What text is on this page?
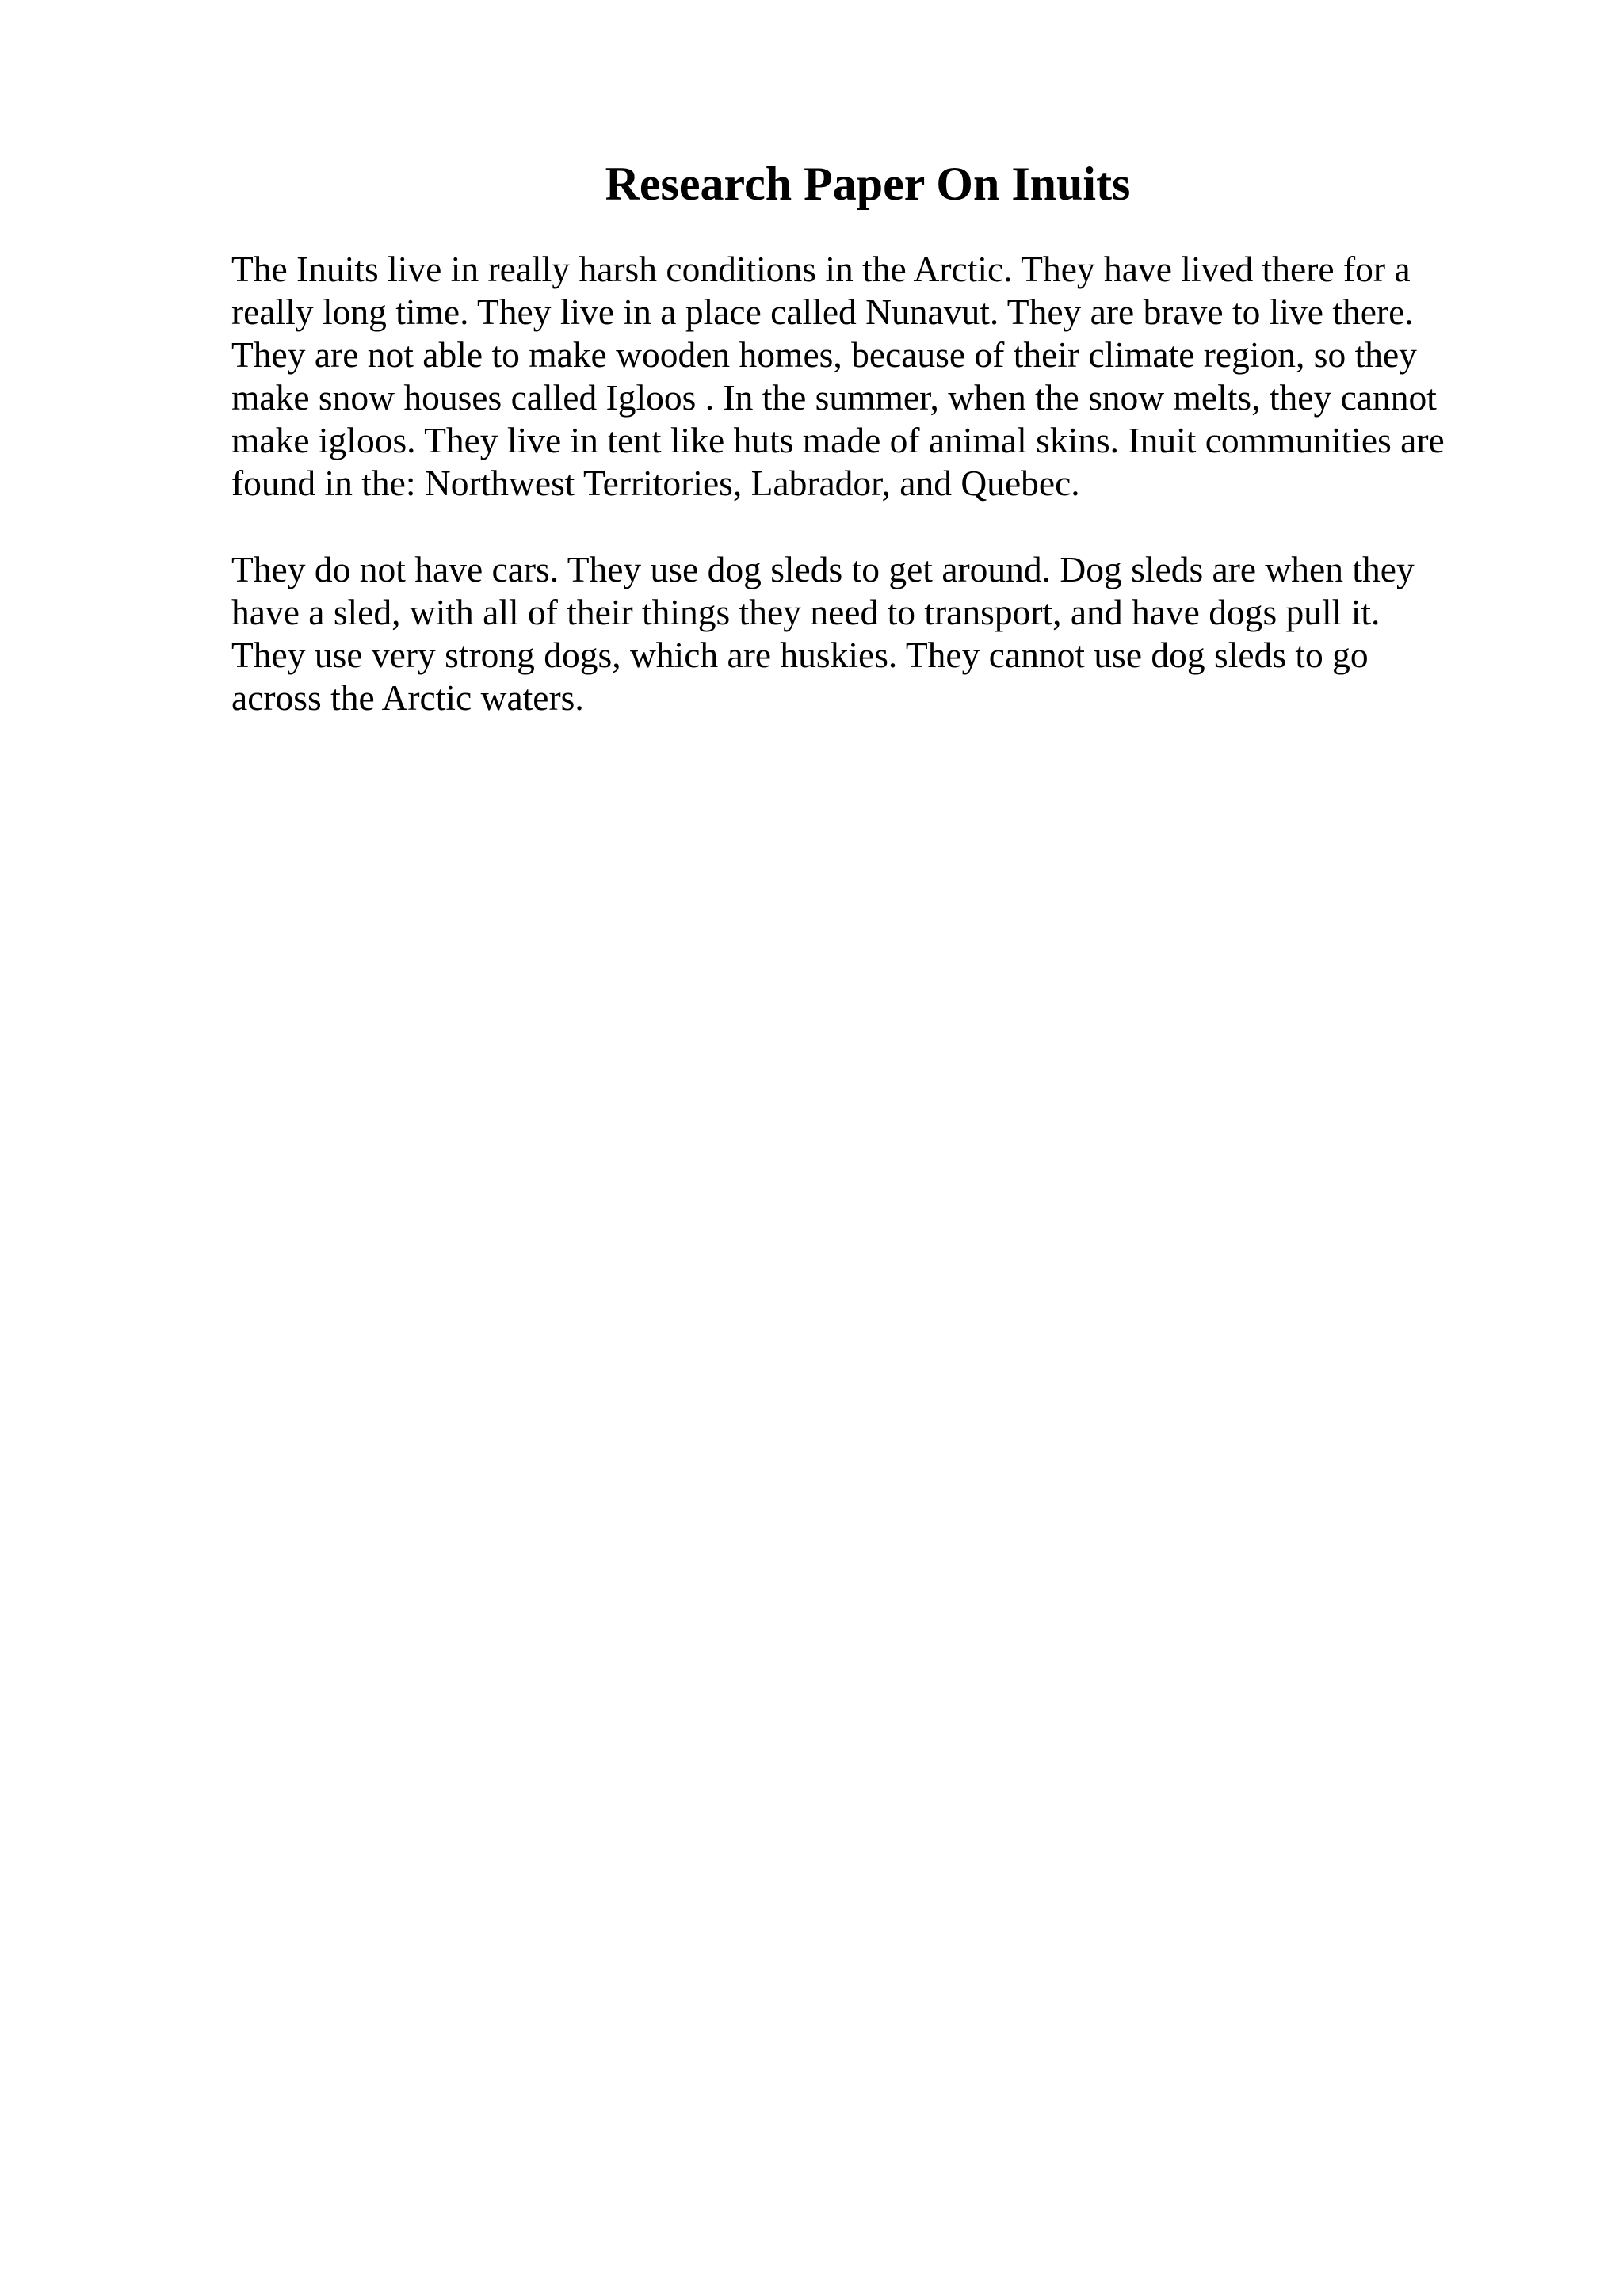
Research Paper On Inuits

The Inuits live in really harsh conditions in the Arctic. They have lived there for a
really long time. They live in a place called Nunavut. They are brave to live there.
They are not able to make wooden homes, because of their climate region, so they
make snow houses called Igloos . In the summer, when the snow melts, they cannot
make igloos. They live in tent like huts made of animal skins. Inuit communities are
found in the: Northwest Territories, Labrador, and Quebec.

They do not have cars. They use dog sleds to get around. Dog sleds are when they
have a sled, with all of their things they need to transport, and have dogs pull it.
They use very strong dogs, which are huskies. They cannot use dog sleds to go
across the Arctic waters.
